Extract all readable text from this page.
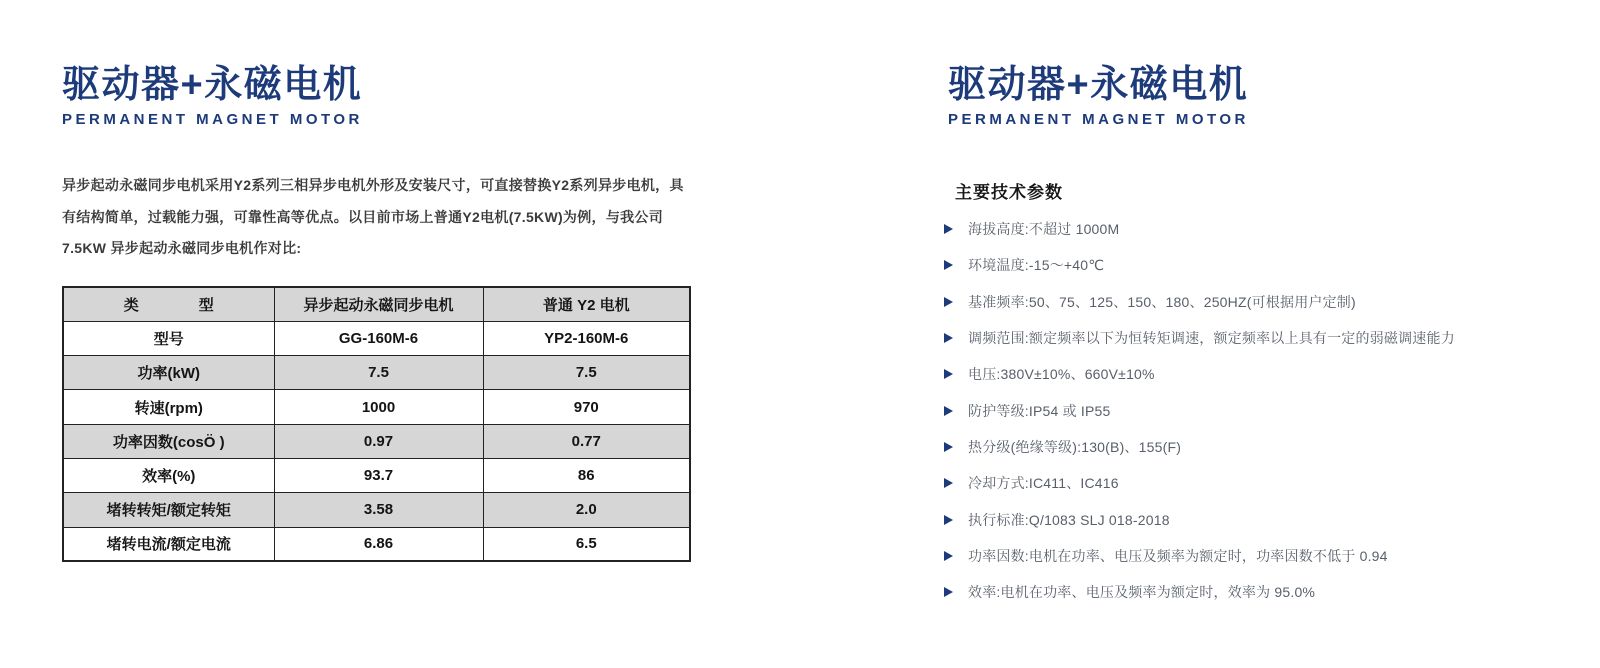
驱动器+永磁电机
PERMANENT MAGNET MOTOR
异步起动永磁同步电机采用Y2系列三相异步电机外形及安装尺寸，可直接替换Y2系列异步电机，具
有结构简单，过载能力强，可靠性高等优点。以目前市场上普通Y2电机(7.5KW)为例，与我公司
7.5KW 异步起动永磁同步电机作对比:
类　　　　型	异步起动永磁同步电机	普通 Y2 电机
型号	GG-160M-6	YP2-160M-6
功率(kW)	7.5	7.5
转速(rpm)	1000	970
功率因数(cosÖ )	0.97	0.77
效率(%)	93.7	86
堵转转矩/额定转矩	3.58	2.0
堵转电流/额定电流	6.86	6.5
驱动器+永磁电机
PERMANENT MAGNET MOTOR
主要技术参数
海拔高度:不超过 1000M
环境温度:-15～+40℃
基准频率:50、75、125、150、180、250HZ(可根据用户定制)
调频范围:额定频率以下为恒转矩调速，额定频率以上具有一定的弱磁调速能力
电压:380V±10%、660V±10%
防护等级:IP54 或 IP55
热分级(绝缘等级):130(B)、155(F)
冷却方式:IC411、IC416
执行标准:Q/1083 SLJ 018-2018
功率因数:电机在功率、电压及频率为额定时，功率因数不低于 0.94
效率:电机在功率、电压及频率为额定时，效率为 95.0%
